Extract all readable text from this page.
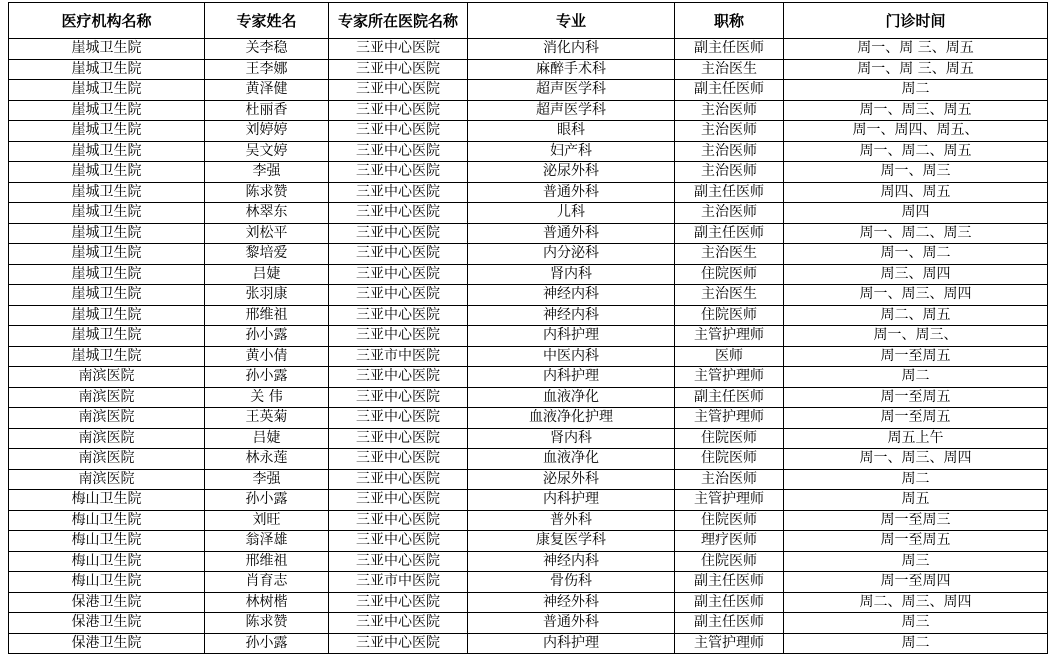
医疗机构名称	专家姓名	专家所在医院名称	专业	职称	门诊时间
崖城卫生院	关李稳	三亚中心医院	消化内科	副主任医师	周一、周 三、周五
崖城卫生院	王李娜	三亚中心医院	麻醉手术科	主治医生	周一、周 三、周五
崖城卫生院	黄泽健	三亚中心医院	超声医学科	副主任医师	周二
崖城卫生院	杜丽香	三亚中心医院	超声医学科	主治医师	周一、周三、周五
崖城卫生院	刘婷婷	三亚中心医院	眼科	主治医师	周一、周四、周五、
崖城卫生院	吴文婷	三亚中心医院	妇产科	主治医师	周一、周二、周五
崖城卫生院	李强	三亚中心医院	泌尿外科	主治医师	周一、周三
崖城卫生院	陈求赞	三亚中心医院	普通外科	副主任医师	周四、周五
崖城卫生院	林翠东	三亚中心医院	儿科	主治医师	周四
崖城卫生院	刘松平	三亚中心医院	普通外科	副主任医师	周一、周二、周三
崖城卫生院	黎培爱	三亚中心医院	内分泌科	主治医生	周一、周二
崖城卫生院	吕婕	三亚中心医院	肾内科	住院医师	周三、周四
崖城卫生院	张羽康	三亚中心医院	神经内科	主治医生	周一、周三、周四
崖城卫生院	邢维祖	三亚中心医院	神经内科	住院医师	周二、周五
崖城卫生院	孙小露	三亚中心医院	内科护理	主管护理师	周一、周三、
崖城卫生院	黄小倩	三亚市中医院	中医内科	医师	周一至周五
南滨医院	孙小露	三亚中心医院	内科护理	主管护理师	周二
南滨医院	关 伟	三亚中心医院	血液净化	副主任医师	周一至周五
南滨医院	王英菊	三亚中心医院	血液净化护理	主管护理师	周一至周五
南滨医院	吕婕	三亚中心医院	肾内科	住院医师	周五上午
南滨医院	林永莲	三亚中心医院	血液净化	住院医师	周一、周三、周四
南滨医院	李强	三亚中心医院	泌尿外科	主治医师	周二
梅山卫生院	孙小露	三亚中心医院	内科护理	主管护理师	周五
梅山卫生院	刘旺	三亚中心医院	普外科	住院医师	周一至周三
梅山卫生院	翁泽雄	三亚中心医院	康复医学科	理疗医师	周一至周五
梅山卫生院	邢维祖	三亚中心医院	神经内科	住院医师	周三
梅山卫生院	肖育志	三亚市中医院	骨伤科	副主任医师	周一至周四
保港卫生院	林树楷	三亚中心医院	神经外科	副主任医师	周二、周三、周四
保港卫生院	陈求赞	三亚中心医院	普通外科	副主任医师	周三
保港卫生院	孙小露	三亚中心医院	内科护理	主管护理师	周二
